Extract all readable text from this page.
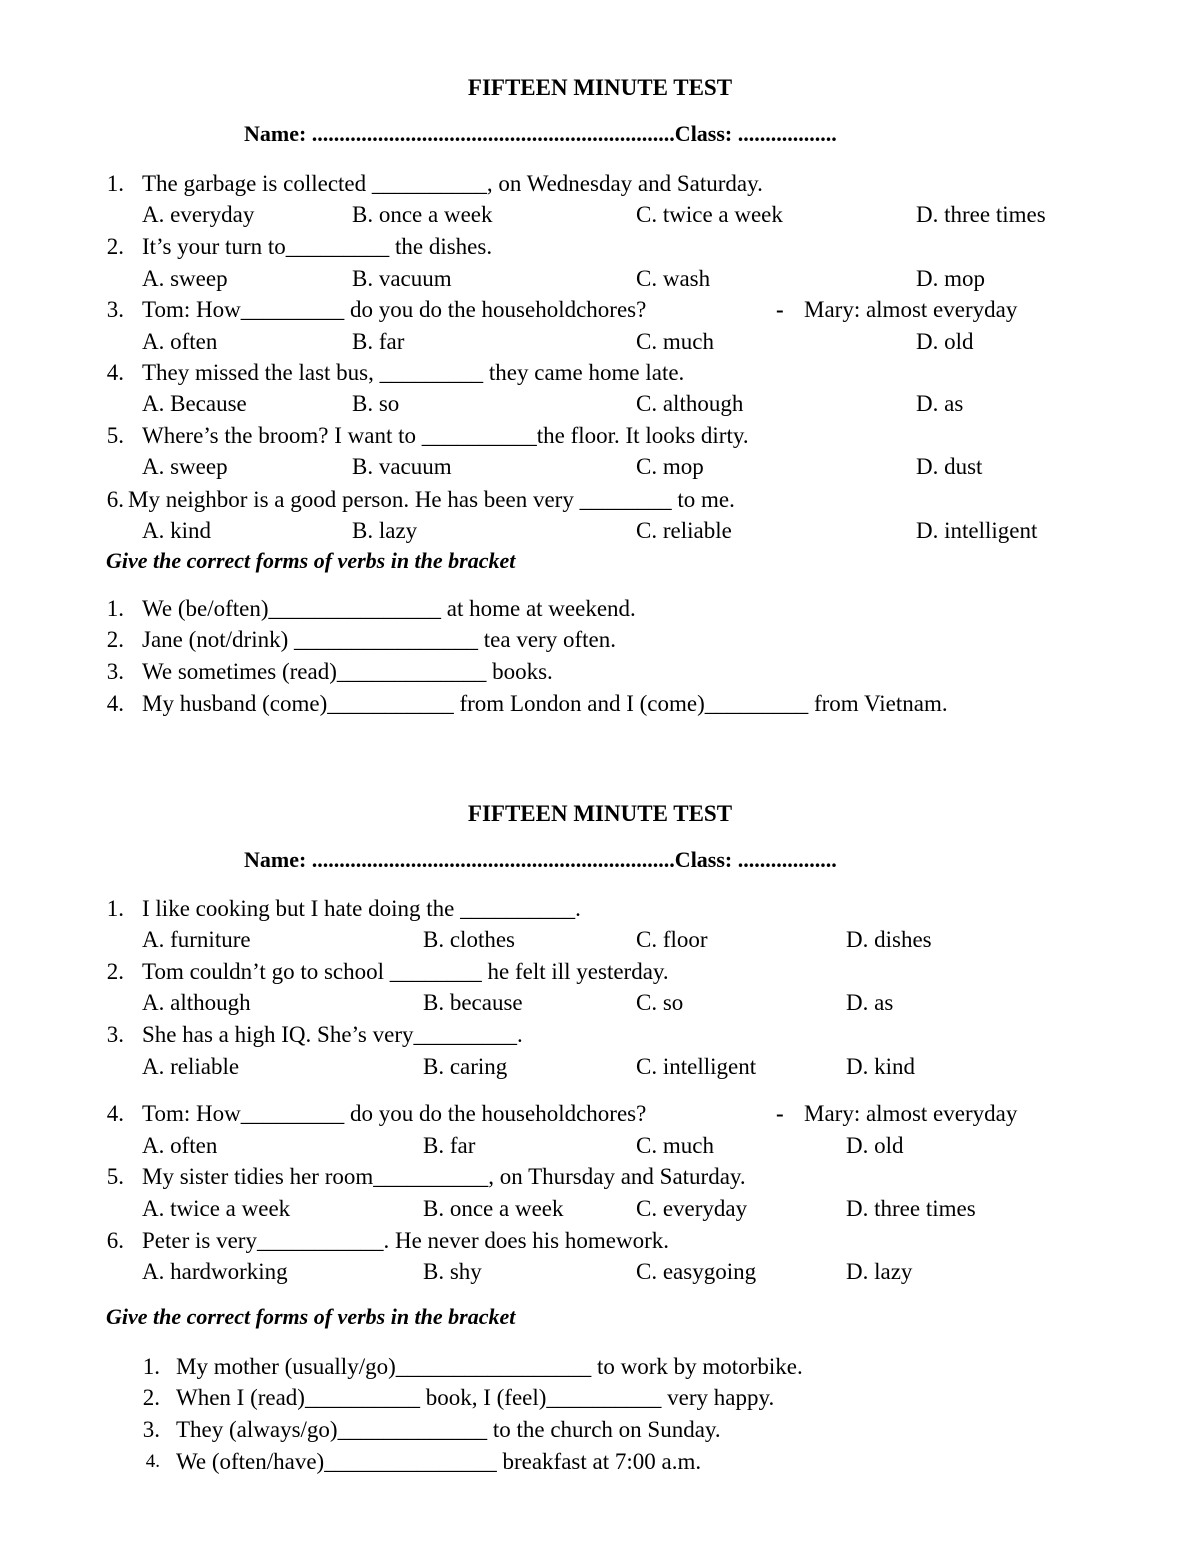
FIFTEEN MINUTE TEST
Name: ..................................................................Class: ..................
1. The garbage is collected __________, on Wednesday and Saturday.
A. everyday	B. once a week	C. twice a week	D. three times
2. It’s your turn to_________ the dishes.
A. sweep	B. vacuum	C. wash	D. mop
3. Tom: How_________ do you do the householdchores?	- Mary: almost everyday
A. often	B. far	C. much	D. old
4. They missed the last bus, _________ they came home late.
A. Because	B. so	C. although	D. as
5. Where’s the broom? I want to __________the floor. It looks dirty.
A. sweep	B. vacuum	C. mop	D. dust
6. My neighbor is a good person. He has been very ________ to me.
A. kind	B. lazy	C. reliable	D. intelligent
Give the correct forms of verbs in the bracket
1. We (be/often)_______________ at home at weekend.
2. Jane (not/drink) ________________ tea very often.
3. We sometimes (read)_____________ books.
4. My husband (come)___________ from London and I (come)_________ from Vietnam.
FIFTEEN MINUTE TEST
Name: ..................................................................Class: ..................
1. I like cooking but I hate doing the __________.
A. furniture	B. clothes	C. floor	D. dishes
2. Tom couldn’t go to school ________ he felt ill yesterday.
A. although	B. because	C. so	D. as
3. She has a high IQ. She’s very_________.
A. reliable	B. caring	C. intelligent	D. kind
4. Tom: How_________ do you do the householdchores?	- Mary: almost everyday
A. often	B. far	C. much	D. old
5. My sister tidies her room__________, on Thursday and Saturday.
A. twice a week	B. once a week	C. everyday	D. three times
6. Peter is very___________. He never does his homework.
A. hardworking	B. shy	C. easygoing	D. lazy
Give the correct forms of verbs in the bracket
1. My mother (usually/go)_________________ to work by motorbike.
2. When I (read)__________ book, I (feel)__________ very happy.
3. They (always/go)_____________ to the church on Sunday.
4. We (often/have)_______________ breakfast at 7:00 a.m.
